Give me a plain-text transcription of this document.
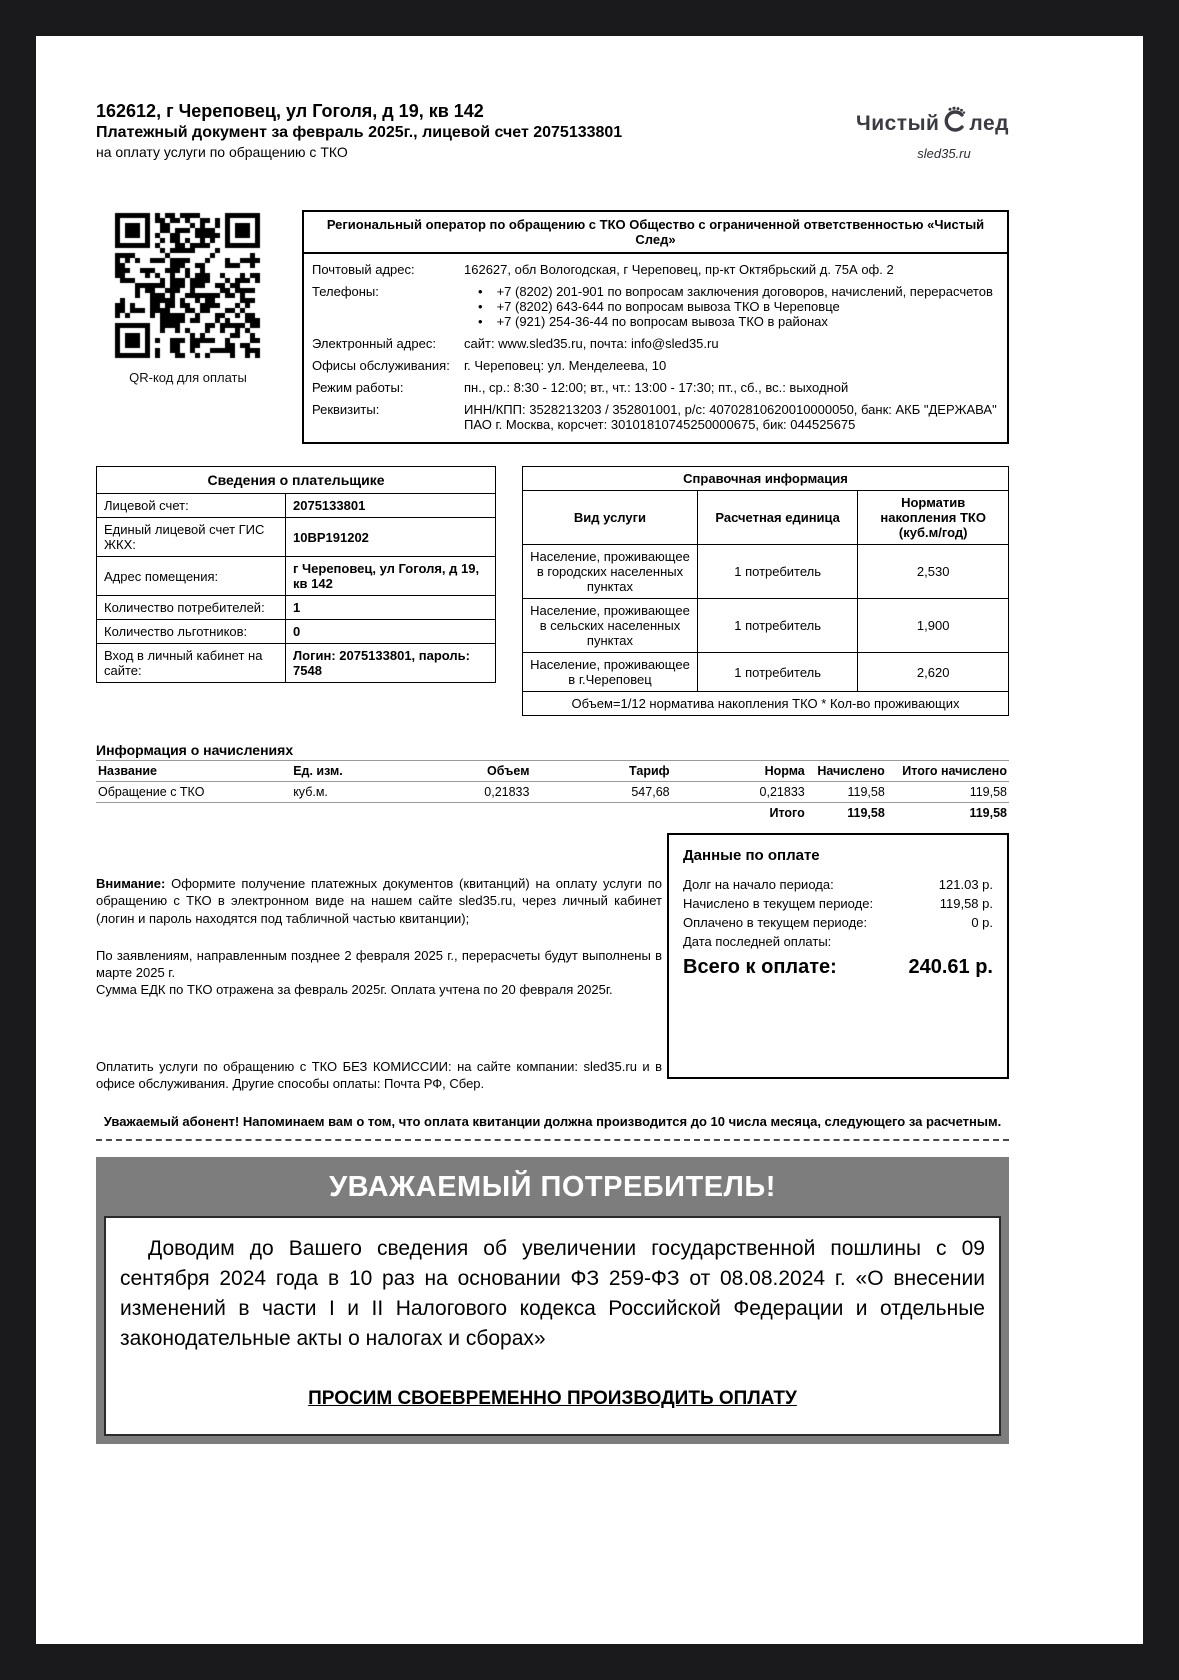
162612, г Череповец, ул Гоголя, д 19, кв 142
Платежный документ за февраль 2025г., лицевой счет 2075133801
на оплату услуги по обращению с ТКО
Чистый лед
sled35.ru
QR-код для оплаты
Региональный оператор по обращению с ТКО Общество с ограниченной ответственностью «Чистый След»
Почтовый адрес:	162627, обл Вологодская, г Череповец, пр-кт Октябрьский д. 75А оф. 2
Телефоны:	• +7 (8202) 201-901 по вопросам заключения договоров, начислений, перерасчетов
• +7 (8202) 643-644 по вопросам вывоза ТКО в Череповце
• +7 (921) 254-36-44 по вопросам вывоза ТКО в районах
Электронный адрес:	сайт: www.sled35.ru, почта: info@sled35.ru
Офисы обслуживания:	г. Череповец: ул. Менделеева, 10
Режим работы:	пн., ср.: 8:30 - 12:00; вт., чт.: 13:00 - 17:30; пт., сб., вс.: выходной
Реквизиты:	ИНН/КПП: 3528213203 / 352801001, р/с: 40702810620010000050, банк: АКБ "ДЕРЖАВА" ПАО г. Москва, корсчет: 30101810745250000675, бик: 044525675
Сведения о плательщике	
Лицевой счет:	2075133801
Единый лицевой счет ГИС ЖКХ:	10ВР191202
Адрес помещения:	г Череповец, ул Гоголя, д 19, кв 142
Количество потребителей:	1
Количество льготников:	0
Вход в личный кабинет на сайте:	Логин: 2075133801, пароль: 7548
Справочная информация		
Вид услуги	Расчетная единица	Норматив накопления ТКО (куб.м/год)
Население, проживающее в городских населенных пунктах	1 потребитель	2,530
Население, проживающее в сельских населенных пунктах	1 потребитель	1,900
Население, проживающее в г.Череповец	1 потребитель	2,620
Объем=1/12 норматива накопления ТКО * Кол-во проживающих		
Информация о начислениях
Название	Ед. изм.	Объем	Тариф	Норма	Начислено	Итого начислено
Обращение с ТКО	куб.м.	0,21833	547,68	0,21833	119,58	119,58
				Итого	119,58	119,58

Внимание: Оформите получение платежных документов (квитанций) на оплату услуги по обращению с ТКО в электронном виде на нашем сайте sled35.ru, через личный кабинет (логин и пароль находятся под табличной частью квитанции);

По заявлениям, направленным позднее 2 февраля 2025 г., перерасчеты будут выполнены в марте 2025 г.

Сумма ЕДК по ТКО отражена за февраль 2025г. Оплата учтена по 20 февраля 2025г.

Оплатить услуги по обращению с ТКО БЕЗ КОМИССИИ: на сайте компании: sled35.ru и в офисе обслуживания. Другие способы оплаты: Почта РФ, Сбер.

Данные по оплате
Долг на начало периода:	121.03 р.
Начислено в текущем периоде:	119,58 р.
Оплачено в текущем периоде:	0 р.
Дата последней оплаты:
Всего к оплате:	240.61 р.
Уважаемый абонент! Напоминаем вам о том, что оплата квитанции должна производится до 10 числа месяца, следующего за расчетным.
УВАЖАЕМЫЙ ПОТРЕБИТЕЛЬ!
Доводим до Вашего сведения об увеличении государственной пошлины с 09 сентября 2024 года в 10 раз на основании ФЗ 259-ФЗ от 08.08.2024 г. «О внесении изменений в части I и II Налогового кодекса Российской Федерации и отдельные законодательные акты о налогах и сборах»
ПРОСИМ СВОЕВРЕМЕННО ПРОИЗВОДИТЬ ОПЛАТУ
